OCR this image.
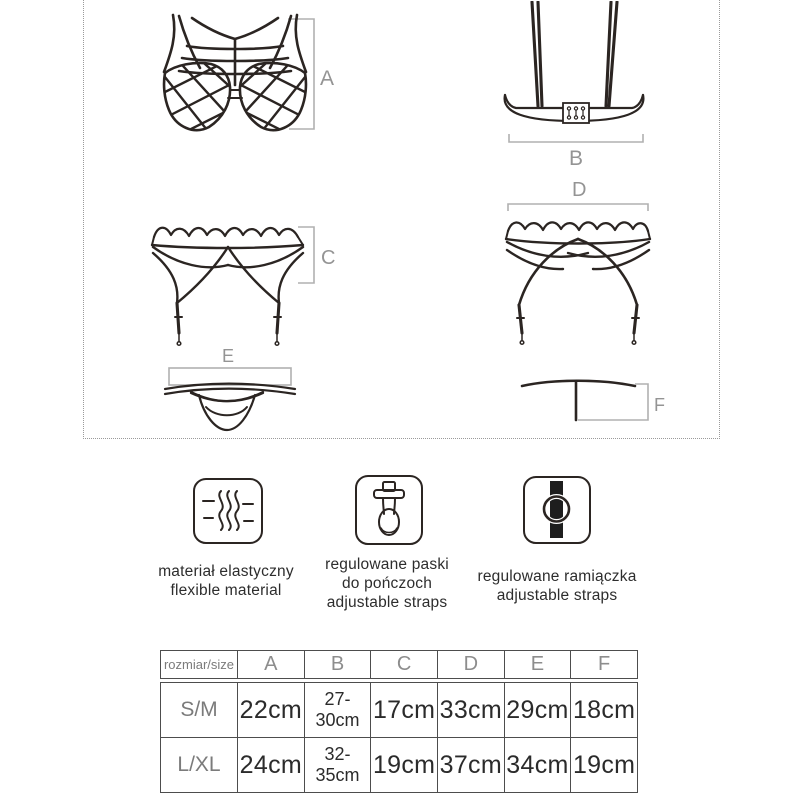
A
B
C
D
E
F
materiał elastyczny
flexible material
regulowane paski
do pończoch
adjustable straps
regulowane ramiączka
adjustable straps
rozmiar/size	A	B	C	D	E	F
S/M	22cm	27-30cm	17cm	33cm	29cm	18cm
L/XL	24cm	32-35cm	19cm	37cm	34cm	19cm
